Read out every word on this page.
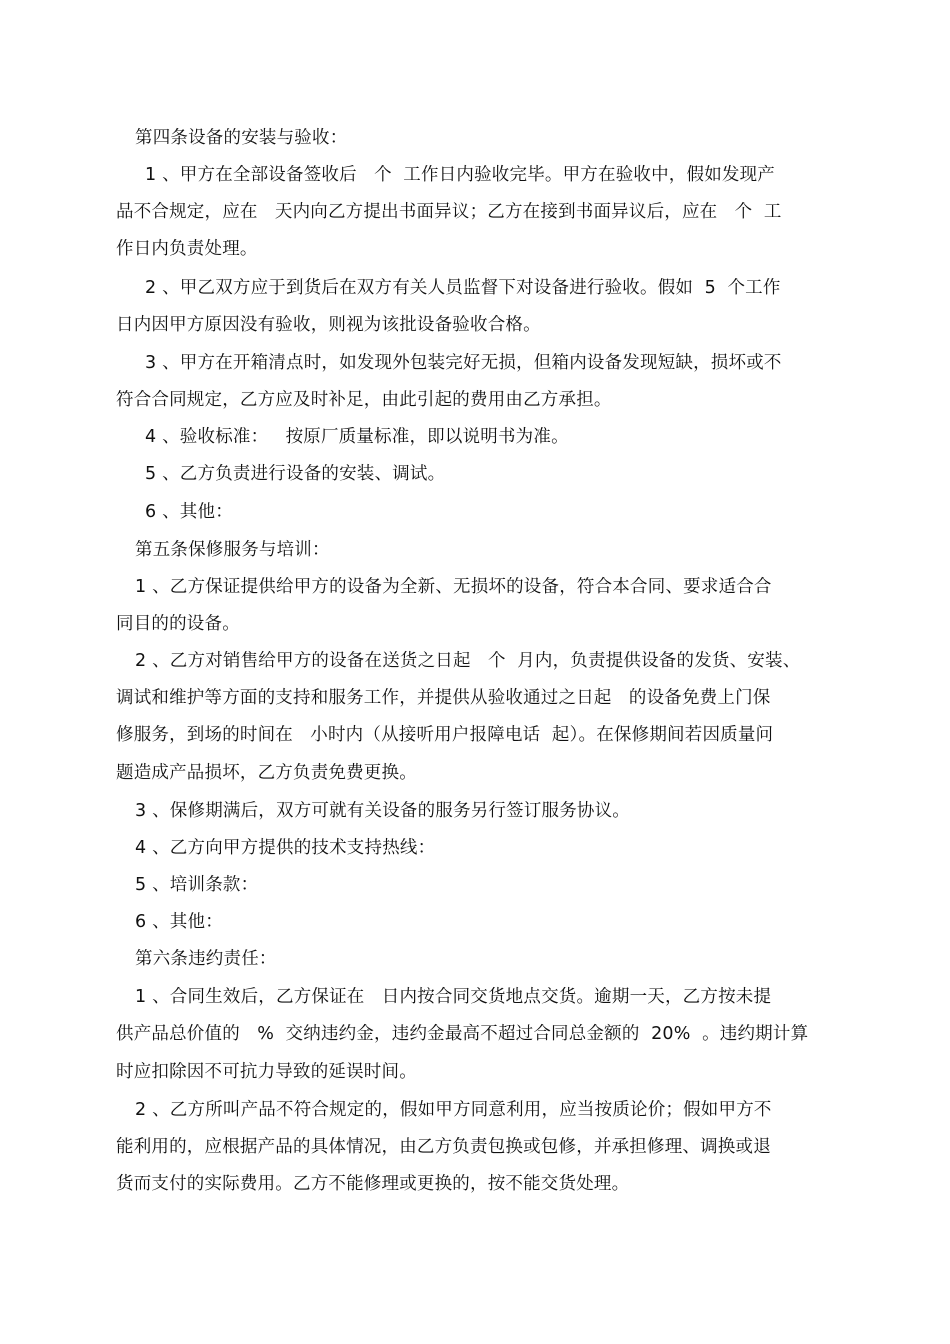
第四条设备的安装与验收：
1 、甲方在全部设备签收后   个  工作日内验收完毕。甲方在验收中，假如发现产
品不合规定，应在   天内向乙方提出书面异议；乙方在接到书面异议后，应在   个  工
作日内负责处理。
2 、甲乙双方应于到货后在双方有关人员监督下对设备进行验收。假如  5  个工作
日内因甲方原因没有验收，则视为该批设备验收合格。
3 、甲方在开箱清点时，如发现外包装完好无损，但箱内设备发现短缺，损坏或不
符合合同规定，乙方应及时补足，由此引起的费用由乙方承担。
4 、验收标准：   按原厂质量标准，即以说明书为准。
5 、乙方负责进行设备的安装、调试。
6 、其他：
第五条保修服务与培训：
1 、乙方保证提供给甲方的设备为全新、无损坏的设备，符合本合同、要求适合合
同目的的设备。
2 、乙方对销售给甲方的设备在送货之日起   个  月内，负责提供设备的发货、安装、
调试和维护等方面的支持和服务工作，并提供从验收通过之日起   的设备免费上门保
修服务，到场的时间在   小时内（从接听用户报障电话  起）。在保修期间若因质量问
题造成产品损坏，乙方负责免费更换。
3 、保修期满后，双方可就有关设备的服务另行签订服务协议。
4 、乙方向甲方提供的技术支持热线：
5 、培训条款：
6 、其他：
第六条违约责任：
1 、合同生效后，乙方保证在   日内按合同交货地点交货。逾期一天，乙方按未提
供产品总价值的   %  交纳违约金，违约金最高不超过合同总金额的  20%  。违约期计算
时应扣除因不可抗力导致的延误时间。
2 、乙方所叫产品不符合规定的，假如甲方同意利用，应当按质论价；假如甲方不
能利用的，应根据产品的具体情况，由乙方负责包换或包修，并承担修理、调换或退
货而支付的实际费用。乙方不能修理或更换的，按不能交货处理。
